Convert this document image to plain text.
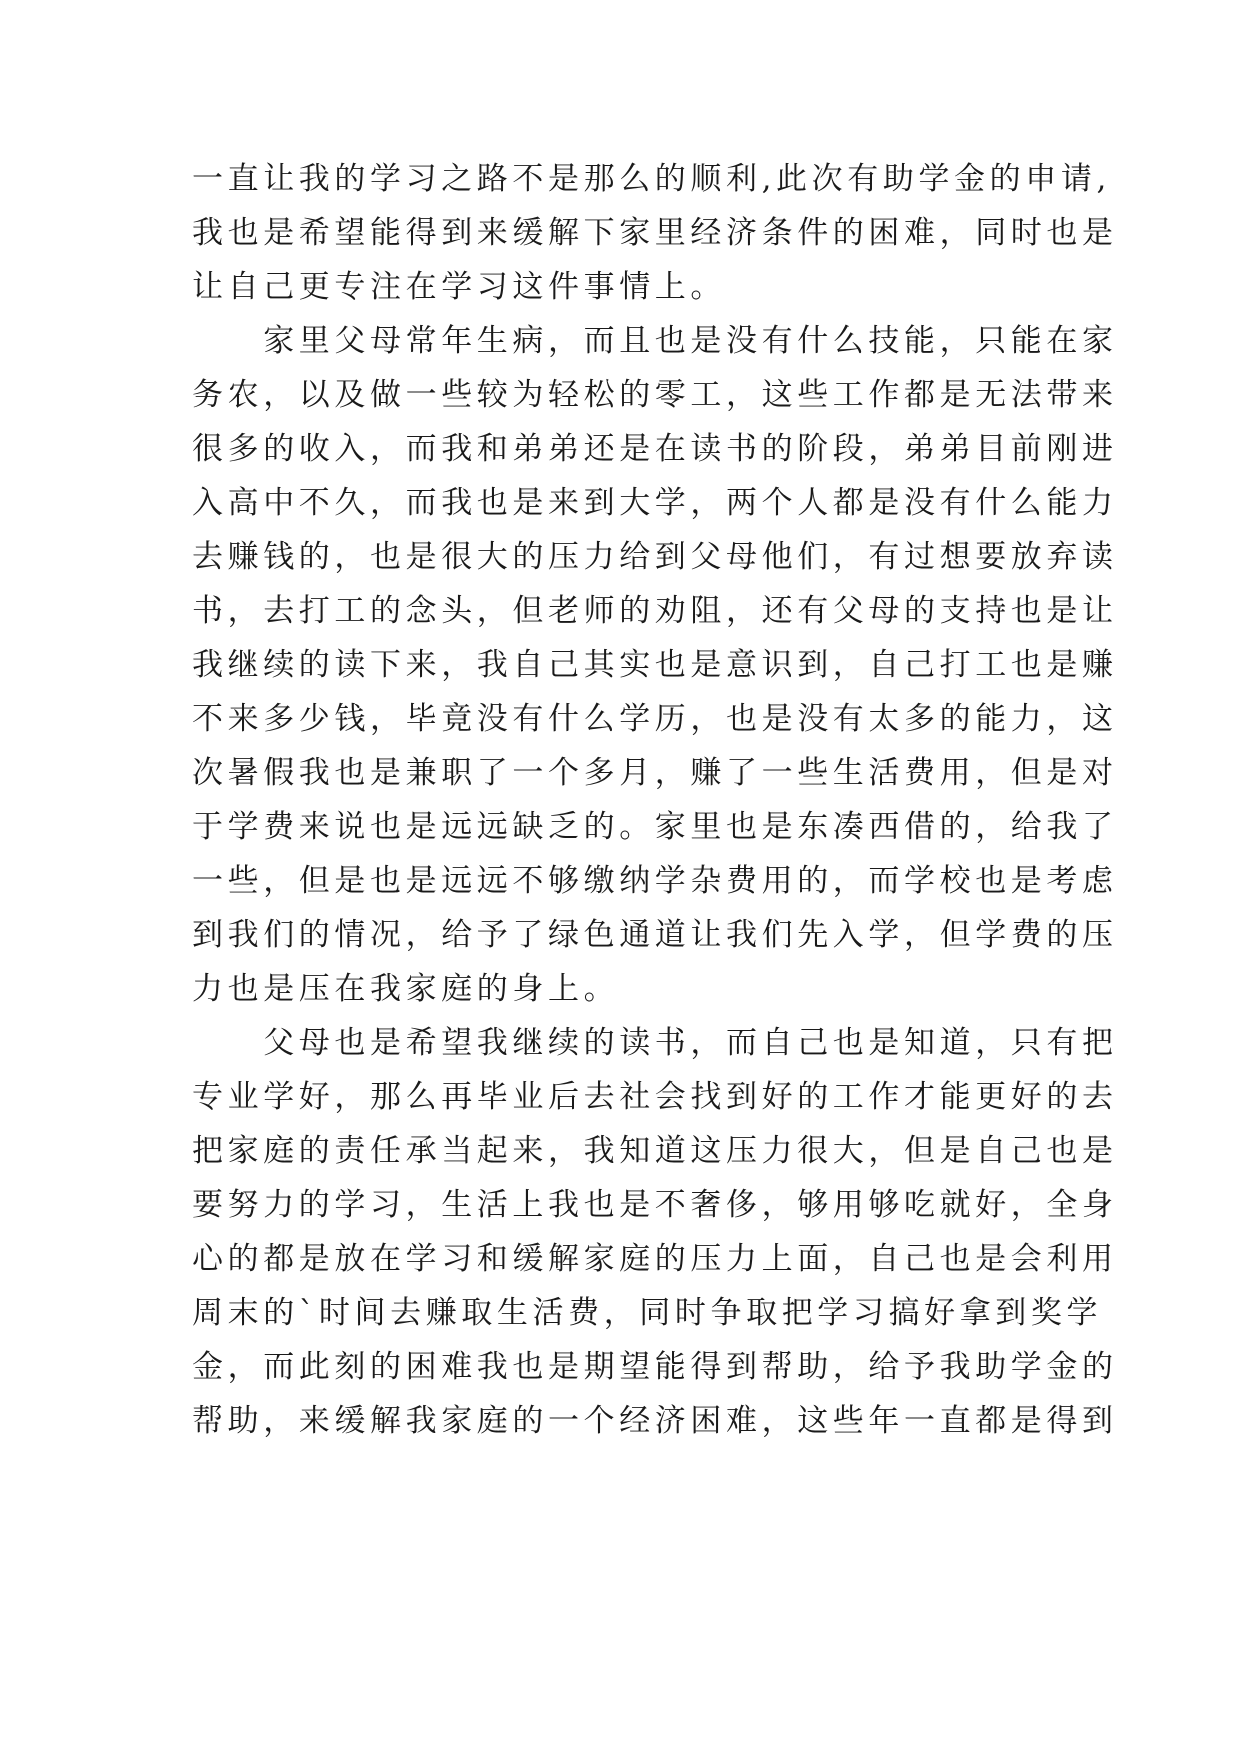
一直让我的学习之路不是那么的顺利,此次有助学金的申请,
我也是希望能得到来缓解下家里经济条件的困难，同时也是
让自己更专注在学习这件事情上。
　　家里父母常年生病，而且也是没有什么技能，只能在家
务农，以及做一些较为轻松的零工，这些工作都是无法带来
很多的收入，而我和弟弟还是在读书的阶段，弟弟目前刚进
入高中不久，而我也是来到大学，两个人都是没有什么能力
去赚钱的，也是很大的压力给到父母他们，有过想要放弃读
书，去打工的念头，但老师的劝阻，还有父母的支持也是让
我继续的读下来，我自己其实也是意识到，自己打工也是赚
不来多少钱，毕竟没有什么学历，也是没有太多的能力，这
次暑假我也是兼职了一个多月，赚了一些生活费用，但是对
于学费来说也是远远缺乏的。家里也是东凑西借的，给我了
一些，但是也是远远不够缴纳学杂费用的，而学校也是考虑
到我们的情况，给予了绿色通道让我们先入学，但学费的压
力也是压在我家庭的身上。
　　父母也是希望我继续的读书，而自己也是知道，只有把
专业学好，那么再毕业后去社会找到好的工作才能更好的去
把家庭的责任承当起来，我知道这压力很大，但是自己也是
要努力的学习，生活上我也是不奢侈，够用够吃就好，全身
心的都是放在学习和缓解家庭的压力上面，自己也是会利用
周末的`时间去赚取生活费，同时争取把学习搞好拿到奖学
金，而此刻的困难我也是期望能得到帮助，给予我助学金的
帮助，来缓解我家庭的一个经济困难，这些年一直都是得到
